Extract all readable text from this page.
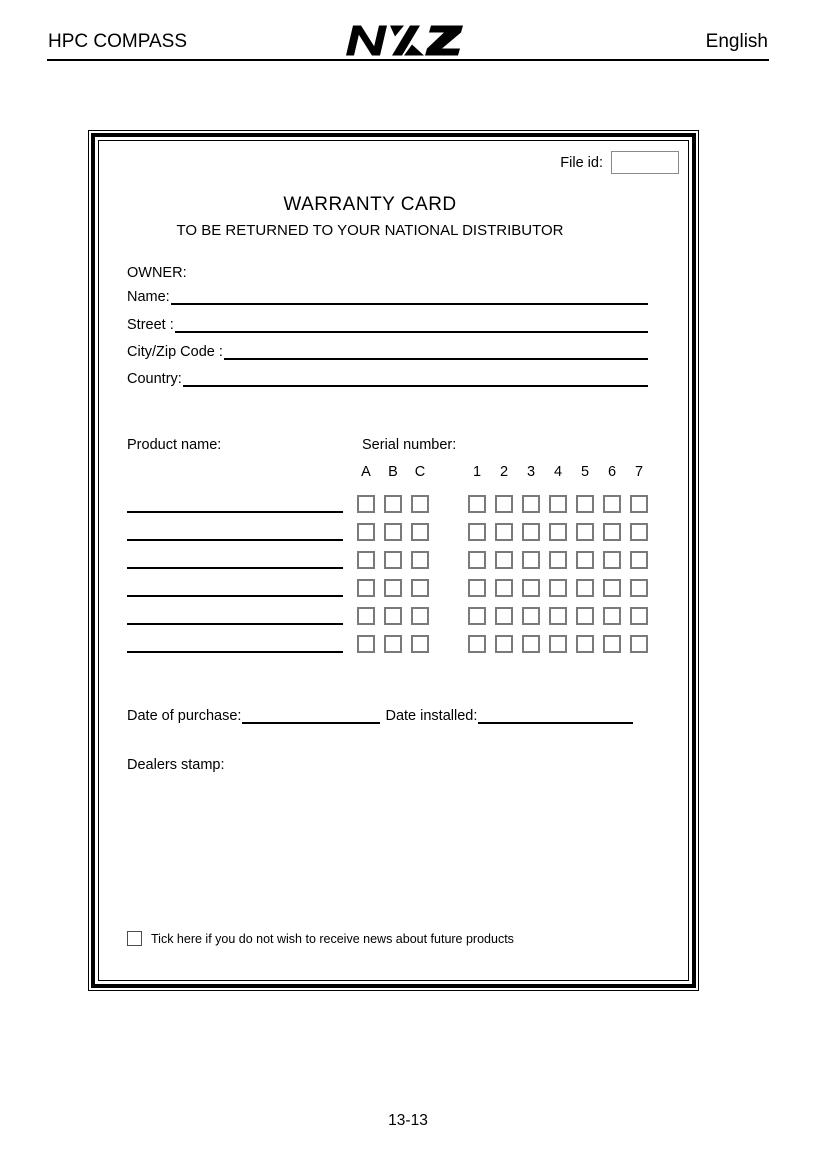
HPC COMPASS	English
File id:
WARRANTY CARD
TO BE RETURNED TO YOUR NATIONAL DISTRIBUTOR
OWNER:
Name:
Street :
City/Zip Code :
Country:
Product name:	Serial number:
A B C	1	2	3	4	5	6	7
Date of purchase:	Date installed:
Dealers stamp:
Tick here if you do not wish to receive news about future products
13-13
